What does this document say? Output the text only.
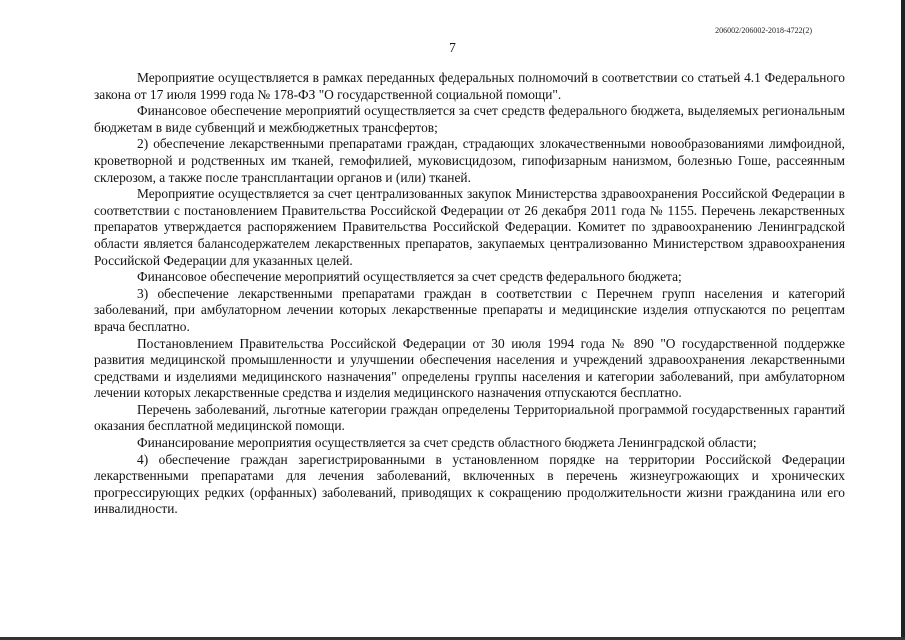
206002/206002-2018-4722(2)
7

Мероприятие осуществляется в рамках переданных федеральных полномочий в соответствии со статьей 4.1 Федерального закона от 17 июля 1999 года № 178-ФЗ "О государственной социальной помощи".

Финансовое обеспечение мероприятий осуществляется за счет средств федерального бюджета, выделяемых региональным бюджетам в виде субвенций и межбюджетных трансфертов;

2) обеспечение лекарственными препаратами граждан, страдающих злокачественными новообразованиями лимфоидной, кроветворной и родственных им тканей, гемофилией, муковисцидозом, гипофизарным нанизмом, болезнью Гоше, рассеянным склерозом, а также после трансплантации органов и (или) тканей.

Мероприятие осуществляется за счет централизованных закупок Министерства здравоохранения Российской Федерации в соответствии с постановлением Правительства Российской Федерации от 26 декабря 2011 года № 1155. Перечень лекарственных препаратов утверждается распоряжением Правительства Российской Федерации. Комитет по здравоохранению Ленинградской области является балансодержателем лекарственных препаратов, закупаемых централизованно Министерством здравоохранения Российской Федерации для указанных целей.

Финансовое обеспечение мероприятий осуществляется за счет средств федерального бюджета;

3) обеспечение лекарственными препаратами граждан в соответствии с Перечнем групп населения и категорий заболеваний, при амбулаторном лечении которых лекарственные препараты и медицинские изделия отпускаются по рецептам врача бесплатно.

Постановлением Правительства Российской Федерации от 30 июля 1994 года № 890 "О государственной поддержке развития медицинской промышленности и улучшении обеспечения населения и учреждений здравоохранения лекарственными средствами и изделиями медицинского назначения" определены группы населения и категории заболеваний, при амбулаторном лечении которых лекарственные средства и изделия медицинского назначения отпускаются бесплатно.

Перечень заболеваний, льготные категории граждан определены Территориальной программой государственных гарантий оказания бесплатной медицинской помощи.

Финансирование мероприятия осуществляется за счет средств областного бюджета Ленинградской области;

4) обеспечение граждан зарегистрированными в установленном порядке на территории Российской Федерации лекарственными препаратами для лечения заболеваний, включенных в перечень жизнеугрожающих и хронических прогрессирующих редких (орфанных) заболеваний, приводящих к сокращению продолжительности жизни гражданина или его инвалидности.
